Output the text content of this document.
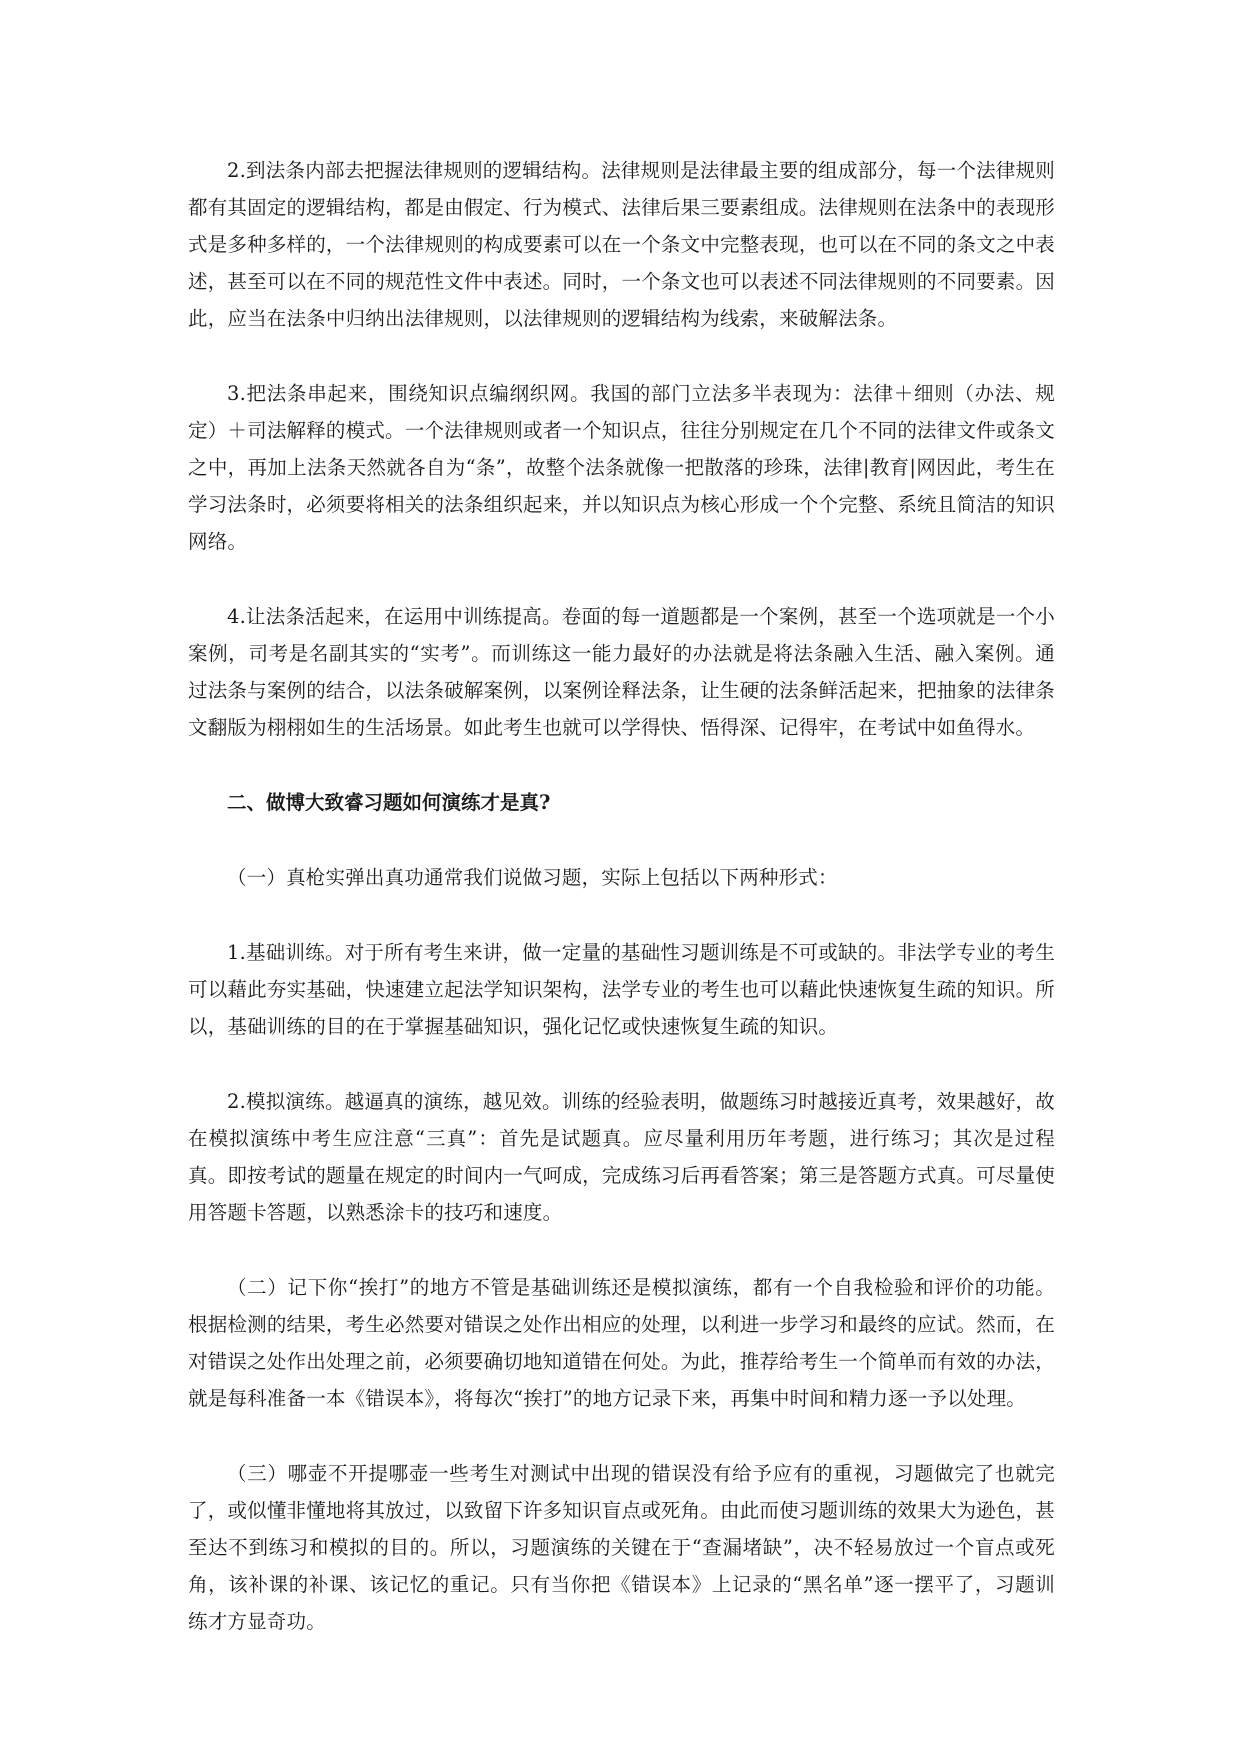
2.到法条内部去把握法律规则的逻辑结构。法律规则是法律最主要的组成部分，每一个法律规则都有其固定的逻辑结构，都是由假定、行为模式、法律后果三要素组成。法律规则在法条中的表现形式是多种多样的，一个法律规则的构成要素可以在一个条文中完整表现，也可以在不同的条文之中表述，甚至可以在不同的规范性文件中表述。同时，一个条文也可以表述不同法律规则的不同要素。因此，应当在法条中归纳出法律规则，以法律规则的逻辑结构为线索，来破解法条。

3.把法条串起来，围绕知识点编纲织网。我国的部门立法多半表现为：法律＋细则（办法、规定）＋司法解释的模式。一个法律规则或者一个知识点，往往分别规定在几个不同的法律文件或条文之中，再加上法条天然就各自为“条”，故整个法条就像一把散落的珍珠，法律|教育|网因此，考生在学习法条时，必须要将相关的法条组织起来，并以知识点为核心形成一个个完整、系统且简洁的知识网络。

4.让法条活起来，在运用中训练提高。卷面的每一道题都是一个案例，甚至一个选项就是一个小案例，司考是名副其实的“实考”。而训练这一能力最好的办法就是将法条融入生活、融入案例。通过法条与案例的结合，以法条破解案例，以案例诠释法条，让生硬的法条鲜活起来，把抽象的法律条文翻版为栩栩如生的生活场景。如此考生也就可以学得快、悟得深、记得牢，在考试中如鱼得水。

二、做博大致睿习题如何演练才是真?

（一）真枪实弹出真功通常我们说做习题，实际上包括以下两种形式：

1.基础训练。对于所有考生来讲，做一定量的基础性习题训练是不可或缺的。非法学专业的考生可以藉此夯实基础，快速建立起法学知识架构，法学专业的考生也可以藉此快速恢复生疏的知识。所以，基础训练的目的在于掌握基础知识，强化记忆或快速恢复生疏的知识。

2.模拟演练。越逼真的演练，越见效。训练的经验表明，做题练习时越接近真考，效果越好，故在模拟演练中考生应注意“三真”：首先是试题真。应尽量利用历年考题，进行练习；其次是过程真。即按考试的题量在规定的时间内一气呵成，完成练习后再看答案；第三是答题方式真。可尽量使用答题卡答题，以熟悉涂卡的技巧和速度。

（二）记下你“挨打”的地方不管是基础训练还是模拟演练，都有一个自我检验和评价的功能。根据检测的结果，考生必然要对错误之处作出相应的处理，以利进一步学习和最终的应试。然而，在对错误之处作出处理之前，必须要确切地知道错在何处。为此，推荐给考生一个简单而有效的办法，就是每科准备一本《错误本》，将每次“挨打”的地方记录下来，再集中时间和精力逐一予以处理。

（三）哪壶不开提哪壶一些考生对测试中出现的错误没有给予应有的重视，习题做完了也就完了，或似懂非懂地将其放过，以致留下许多知识盲点或死角。由此而使习题训练的效果大为逊色，甚至达不到练习和模拟的目的。所以，习题演练的关键在于“查漏堵缺”，决不轻易放过一个盲点或死角，该补课的补课、该记忆的重记。只有当你把《错误本》上记录的“黑名单”逐一摆平了，习题训练才方显奇功。
